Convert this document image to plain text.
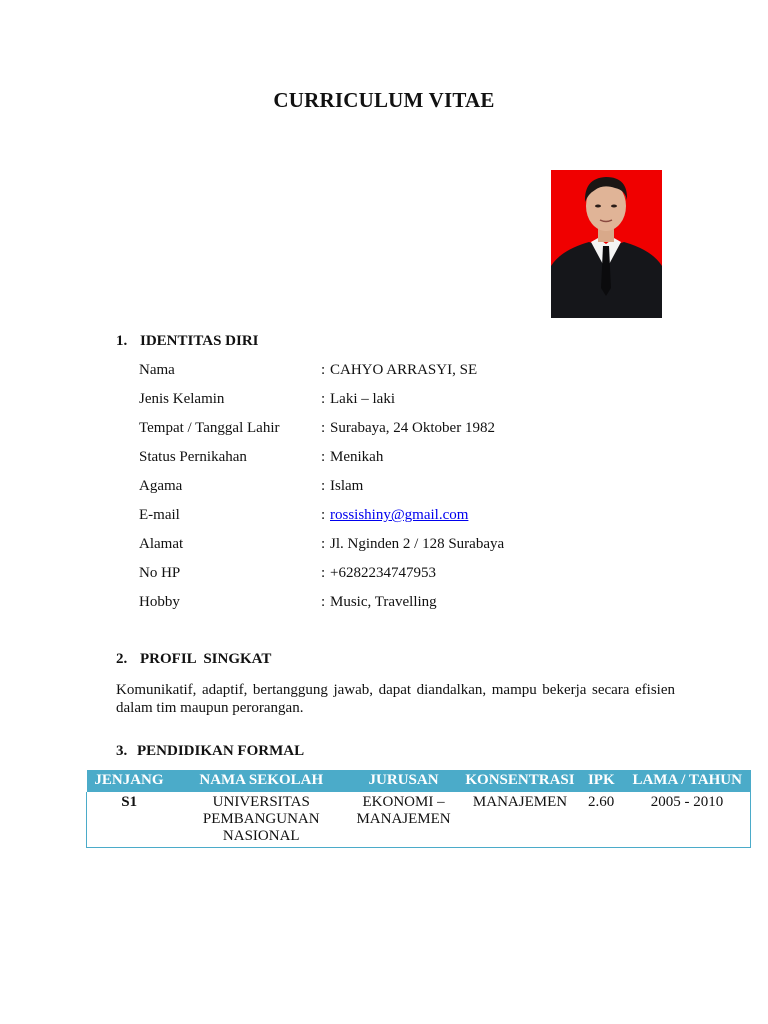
CURRICULUM VITAE
1. IDENTITAS DIRI
Nama	: CAHYO ARRASYI, SE
Jenis Kelamin	: Laki – laki
Tempat / Tanggal Lahir	: Surabaya, 24 Oktober 1982
Status Pernikahan	: Menikah
Agama	: Islam
E-mail	: rossishiny@gmail.com
Alamat	: Jl. Nginden 2 / 128 Surabaya
No HP	: +6282234747953
Hobby	: Music, Travelling
2. PROFIL  SINGKAT
Komunikatif, adaptif, bertanggung jawab, dapat diandalkan, mampu bekerja secara efisien dalam tim maupun perorangan.
3. PENDIDIKAN FORMAL
JENJANG	NAMA SEKOLAH	JURUSAN	KONSENTRASI	IPK	LAMA / TAHUN
S1	UNIVERSITAS PEMBANGUNAN NASIONAL	EKONOMI – MANAJEMEN	MANAJEMEN	2.60	2005 - 2010
